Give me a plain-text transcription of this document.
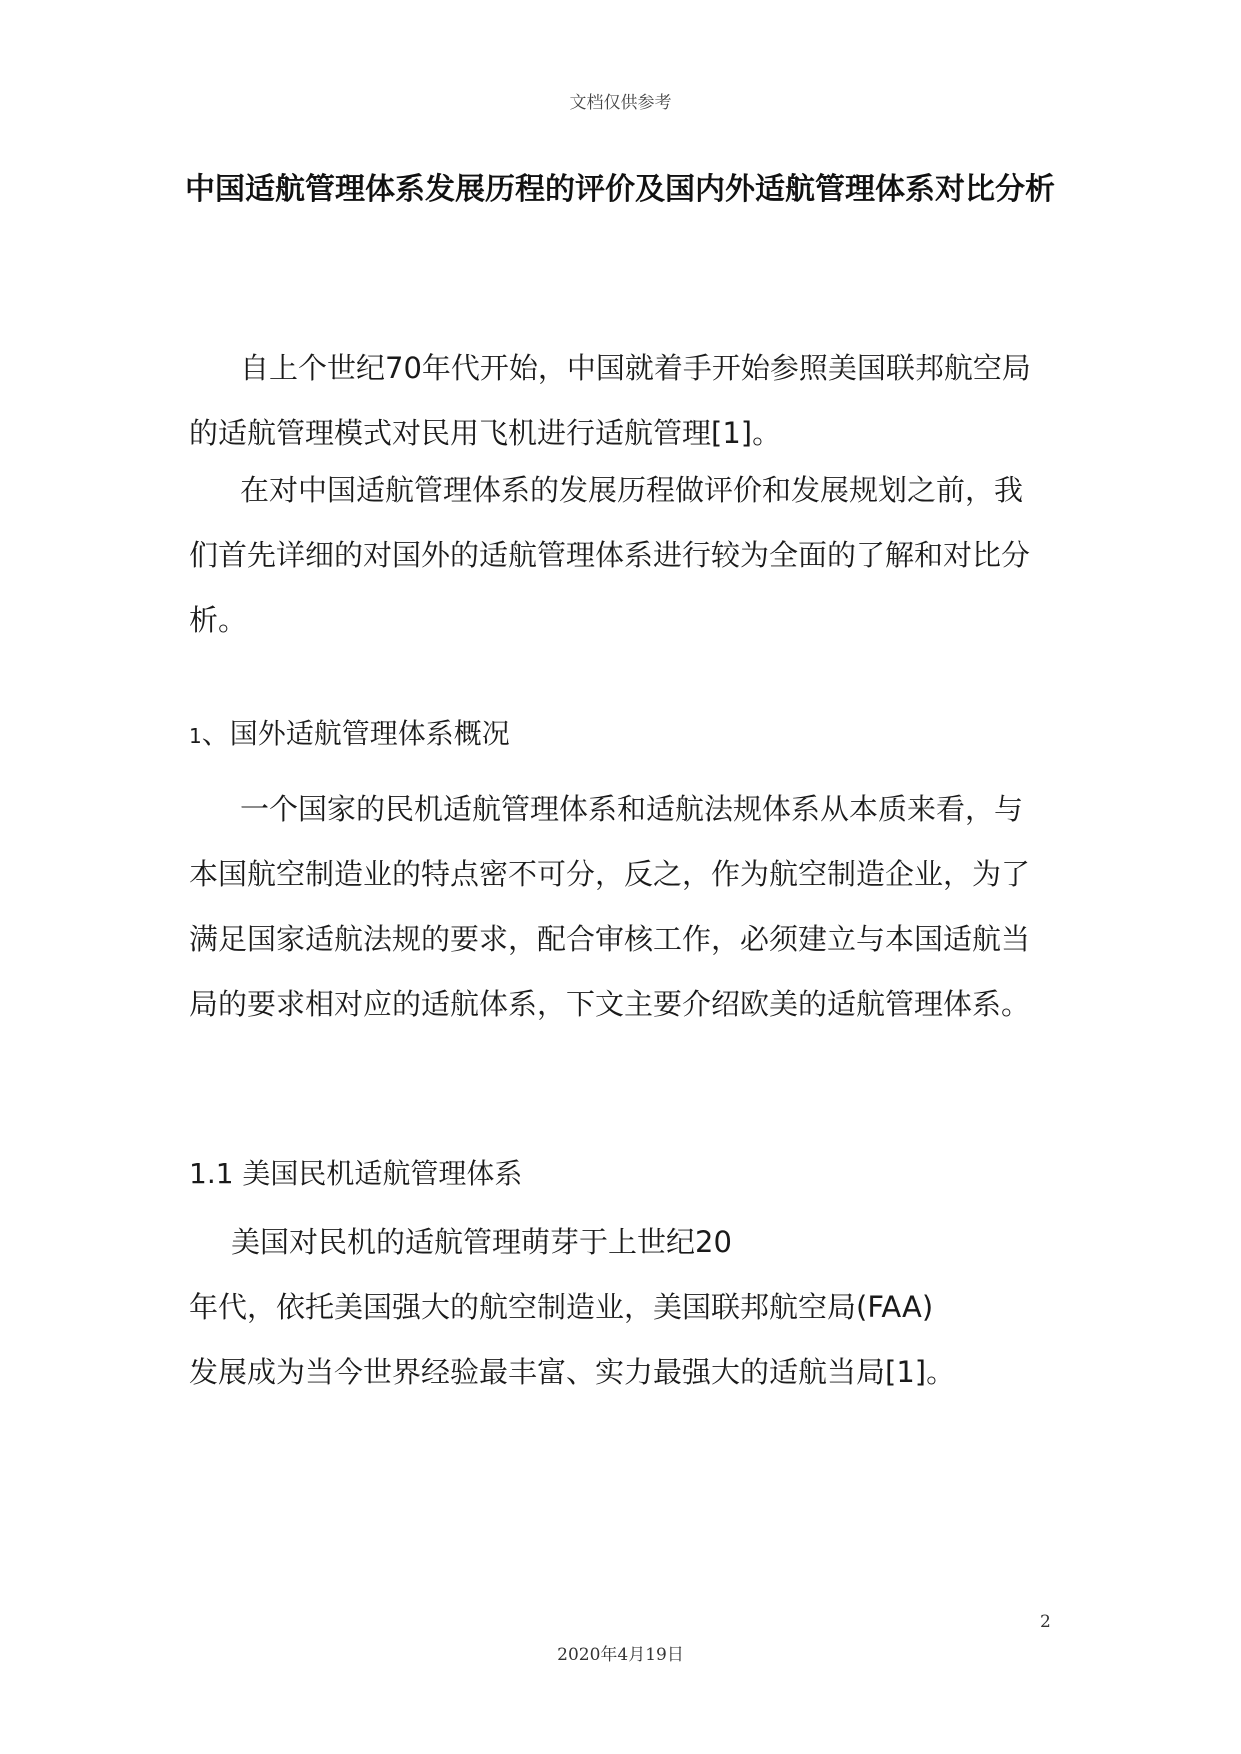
文档仅供参考
中国适航管理体系发展历程的评价及国内外适航管理体系对比分析

自上个世纪70年代开始，中国就着手开始参照美国联邦航空局的适航管理模式对民用飞机进行适航管理[1]。

在对中国适航管理体系的发展历程做评价和发展规划之前，我们首先详细的对国外的适航管理体系进行较为全面的了解和对比分析。

1、国外适航管理体系概况

一个国家的民机适航管理体系和适航法规体系从本质来看，与本国航空制造业的特点密不可分，反之，作为航空制造企业，为了满足国家适航法规的要求，配合审核工作，必须建立与本国适航当局的要求相对应的适航体系，下文主要介绍欧美的适航管理体系。

1.1 美国民机适航管理体系

美国对民机的适航管理萌芽于上世纪20

年代，依托美国强大的航空制造业，美国联邦航空局(FAA)

发展成为当今世界经验最丰富、实力最强大的适航当局[1]。

2
2020年4月19日
